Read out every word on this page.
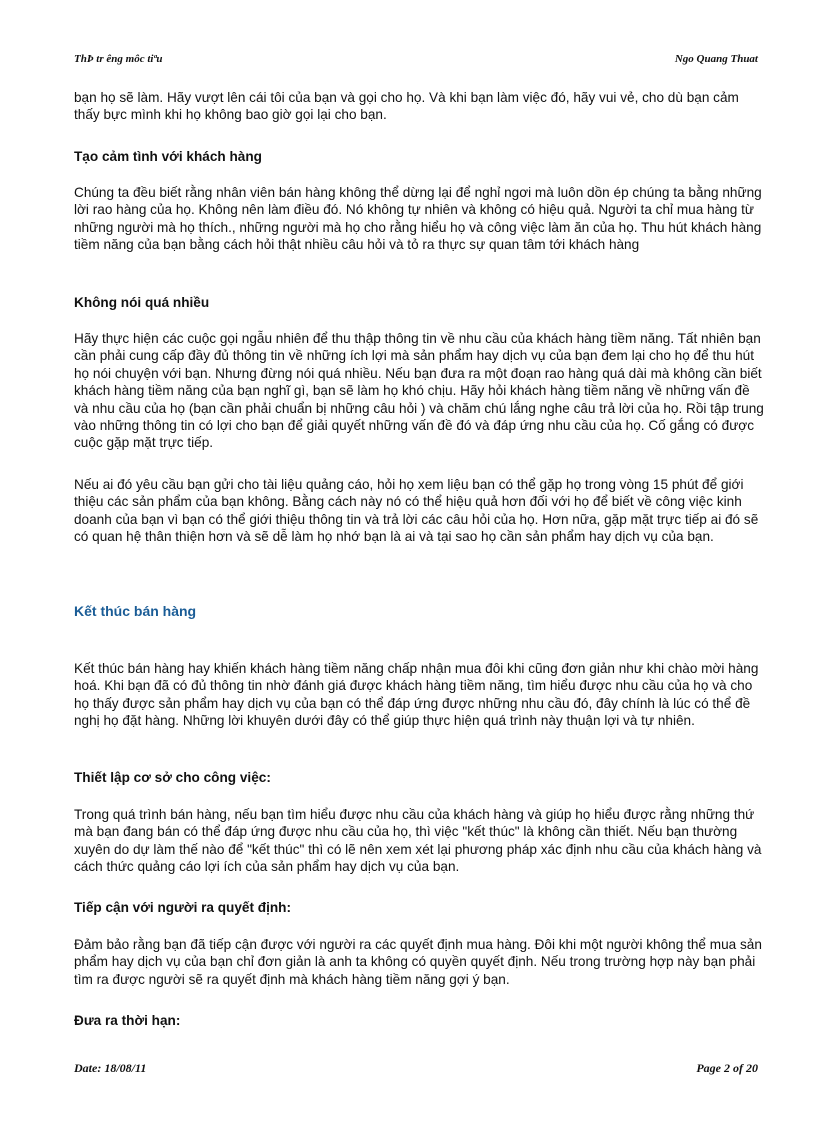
ThÞ tr êng môc tiªu	Ngo Quang Thuat

bạn họ sẽ làm. Hãy vượt lên cái tôi của bạn và gọi cho họ. Và khi bạn làm việc đó, hãy vui vẻ, cho dù bạn cảm thấy bực mình khi họ không bao giờ gọi lại cho bạn.

Tạo cảm tình với khách hàng

Chúng ta đều biết rằng nhân viên bán hàng không thể dừng lại để nghỉ ngơi mà luôn dồn ép chúng ta bằng những lời rao hàng của họ. Không nên làm điều đó. Nó không tự nhiên và không có hiệu quả. Người ta chỉ mua hàng từ những người mà họ thích., những người mà họ cho rằng hiểu họ và công việc làm ăn của họ. Thu hút khách hàng tiềm năng của bạn bằng cách hỏi thật nhiều câu hỏi và tỏ ra thực sự quan tâm tới khách hàng

Không nói quá nhiều

Hãy thực hiện các cuộc gọi ngẫu nhiên để thu thập thông tin về nhu cầu của khách hàng tiềm năng. Tất nhiên bạn cần phải cung cấp đầy đủ thông tin về những ích lợi mà sản phẩm hay dịch vụ của bạn đem lại cho họ để thu hút họ nói chuyện với bạn. Nhưng đừng nói quá nhiều. Nếu bạn đưa ra một đoạn rao hàng quá dài mà không cần biết khách hàng tiềm năng của bạn nghĩ gì, bạn sẽ làm họ khó chịu. Hãy hỏi khách hàng tiềm năng về những vấn đề và nhu cầu của họ (bạn cần phải chuẩn bị những câu hỏi ) và chăm chú lắng nghe câu trả lời của họ. Rồi tập trung vào những thông tin có lợi cho bạn để giải quyết những vấn đề đó và đáp ứng nhu cầu của họ. Cố gắng có được cuộc gặp mặt trực tiếp.

Nếu ai đó yêu cầu bạn gửi cho tài liệu quảng cáo, hỏi họ xem liệu bạn có thể gặp họ trong vòng 15 phút để giới thiệu các sản phẩm của bạn không. Bằng cách này nó có thể hiệu quả hơn đối với họ để biết về công việc kinh doanh của bạn vì bạn có thể giới thiệu thông tin và trả lời các câu hỏi của họ. Hơn nữa, gặp mặt trực tiếp ai đó sẽ có quan hệ thân thiện hơn và sẽ dễ làm họ nhớ bạn là ai và tại sao họ cần sản phẩm hay dịch vụ của bạn.

Kết thúc bán hàng

Kết thúc bán hàng hay khiến khách hàng tiềm năng chấp nhận mua đôi khi cũng đơn giản như khi chào mời hàng hoá. Khi bạn đã có đủ thông tin nhờ đánh giá được khách hàng tiềm năng, tìm hiểu được nhu cầu của họ và cho họ thấy được sản phẩm hay dịch vụ của bạn có thể đáp ứng được những nhu cầu đó, đây chính là lúc có thể đề nghị họ đặt hàng. Những lời khuyên dưới đây có thể giúp thực hiện quá trình này thuận lợi và tự nhiên.

Thiết lập cơ sở cho công việc:

Trong quá trình bán hàng, nếu bạn tìm hiểu được nhu cầu của khách hàng và giúp họ hiểu được rằng những thứ mà bạn đang bán có thể đáp ứng được nhu cầu của họ, thì việc "kết thúc" là không cần thiết. Nếu bạn thường xuyên do dự làm thế nào để "kết thúc" thì có lẽ nên xem xét lại phương pháp xác định nhu cầu của khách hàng và cách thức quảng cáo lợi ích của sản phẩm hay dịch vụ của bạn.

Tiếp cận với người ra quyết định:

Đảm bảo rằng bạn đã tiếp cận được với người ra các quyết định mua hàng. Đôi khi một người không thể mua sản phẩm hay dịch vụ của bạn chỉ đơn giản là anh ta không có quyền quyết định. Nếu trong trường hợp này bạn phải tìm ra được người sẽ ra quyết định mà khách hàng tiềm năng gợi ý bạn.

Đưa ra thời hạn:

Date: 18/08/11	Page 2 of 20
